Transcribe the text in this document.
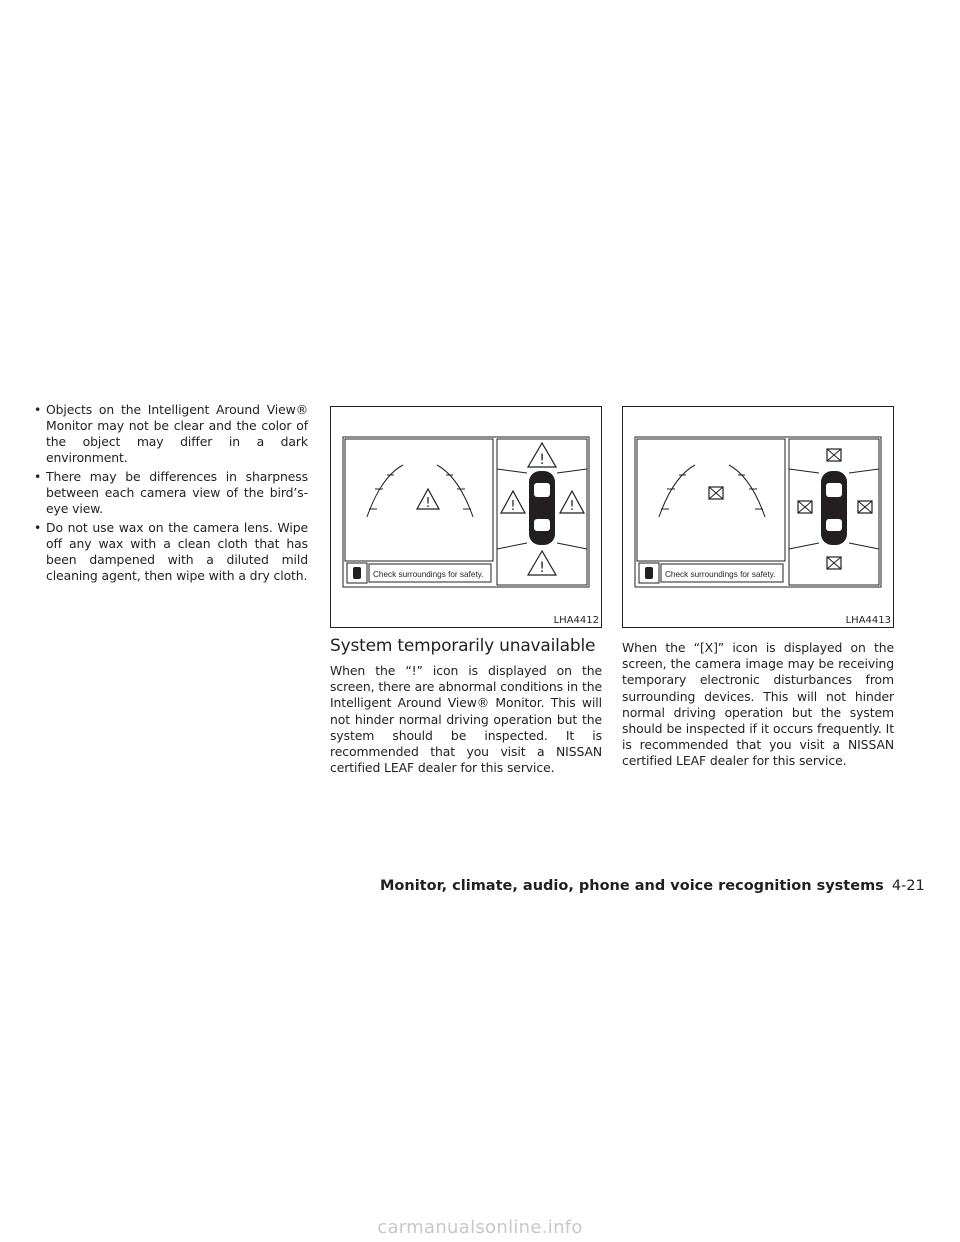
• Objects on the Intelligent Around View® Monitor may not be clear and the color of the object may differ in a dark environment.
• There may be differences in sharpness between each camera view of the bird’s-eye view.
• Do not use wax on the camera lens. Wipe off any wax with a clean cloth that has been dampened with a diluted mild cleaning agent, then wipe with a dry cloth.
!
Check surroundings for safety.
!
!	!
!
LHA4412
Check surroundings for safety.
LHA4413
System temporarily unavailable

When the “!” icon is displayed on the screen, there are abnormal conditions in the Intelligent Around View® Monitor. This will not hinder normal driving operation but the system should be inspected. It is recommended that you visit a NISSAN certified LEAF dealer for this service.

When the “[X]” icon is displayed on the screen, the camera image may be receiving temporary electronic disturbances from surrounding devices. This will not hinder normal driving operation but the system should be inspected if it occurs frequently. It is recommended that you visit a NISSAN certified LEAF dealer for this service.

Monitor, climate, audio, phone and voice recognition systems 4-21
carmanualsonline.info
